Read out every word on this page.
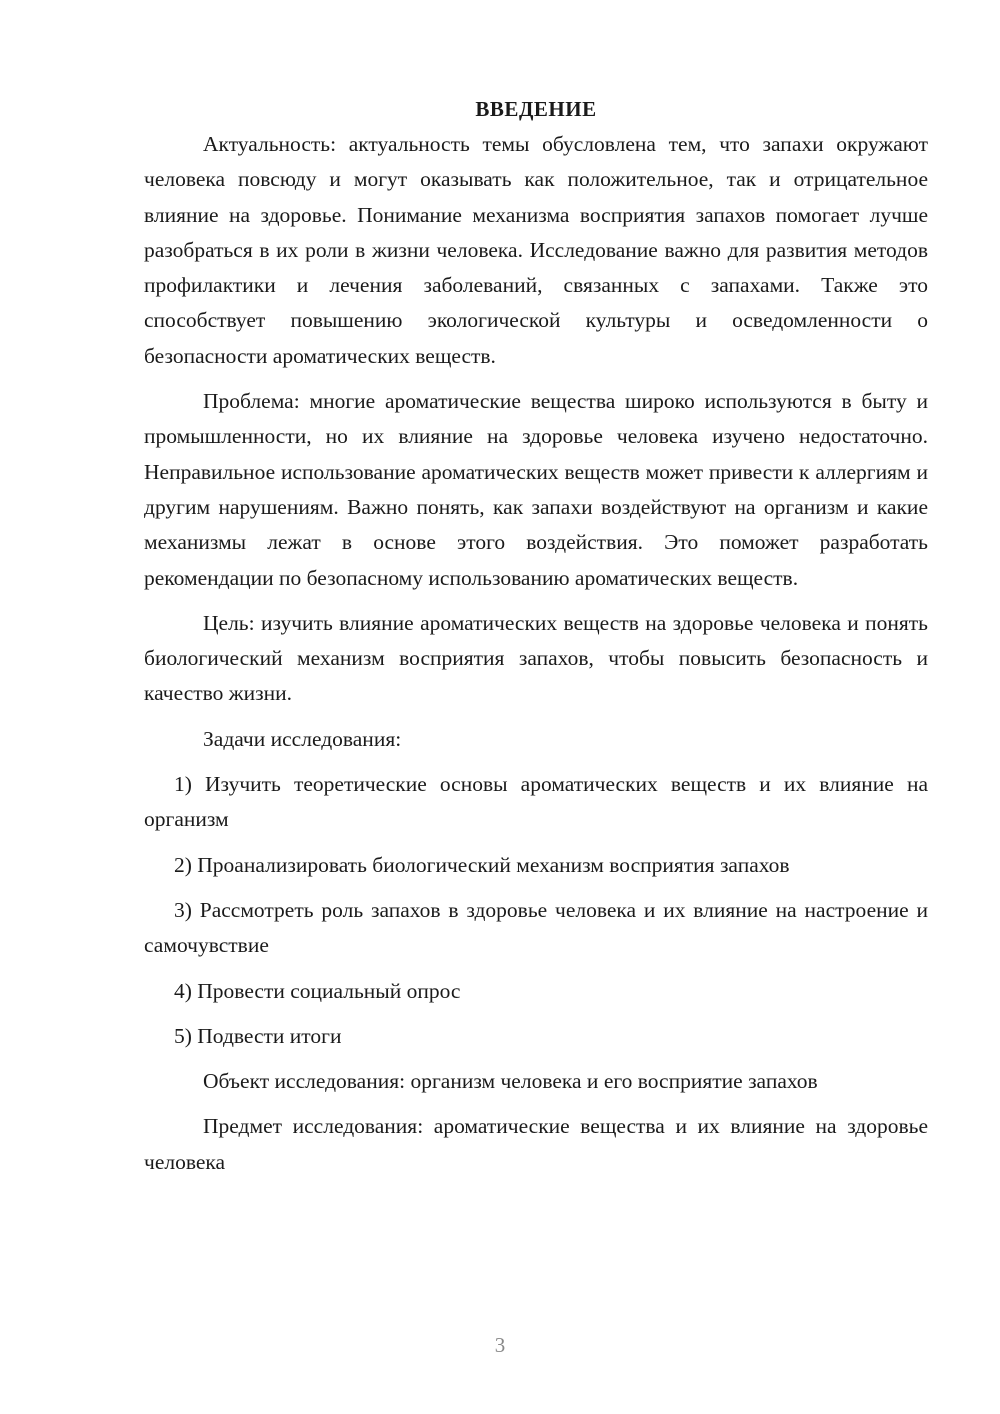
ВВЕДЕНИЕ

Актуальность: актуальность темы обусловлена тем, что запахи окружают человека повсюду и могут оказывать как положительное, так и отрицательное влияние на здоровье. Понимание механизма восприятия запахов помогает лучше разобраться в их роли в жизни человека. Исследование важно для развития методов профилактики и лечения заболеваний, связанных с запахами. Также это способствует повышению экологической культуры и осведомленности о безопасности ароматических веществ.

Проблема: многие ароматические вещества широко используются в быту и промышленности, но их влияние на здоровье человека изучено недостаточно. Неправильное использование ароматических веществ может привести к аллергиям и другим нарушениям. Важно понять, как запахи воздействуют на организм и какие механизмы лежат в основе этого воздействия. Это поможет разработать рекомендации по безопасному использованию ароматических веществ.

Цель: изучить влияние ароматических веществ на здоровье человека и понять биологический механизм восприятия запахов, чтобы повысить безопасность и качество жизни.

Задачи исследования:

1) Изучить теоретические основы ароматических веществ и их влияние на организм

2) Проанализировать биологический механизм восприятия запахов

3) Рассмотреть роль запахов в здоровье человека и их влияние на настроение и самочувствие

4) Провести социальный опрос

5) Подвести итоги

Объект исследования: организм человека и его восприятие запахов

Предмет исследования: ароматические вещества и их влияние на здоровье человека

3
